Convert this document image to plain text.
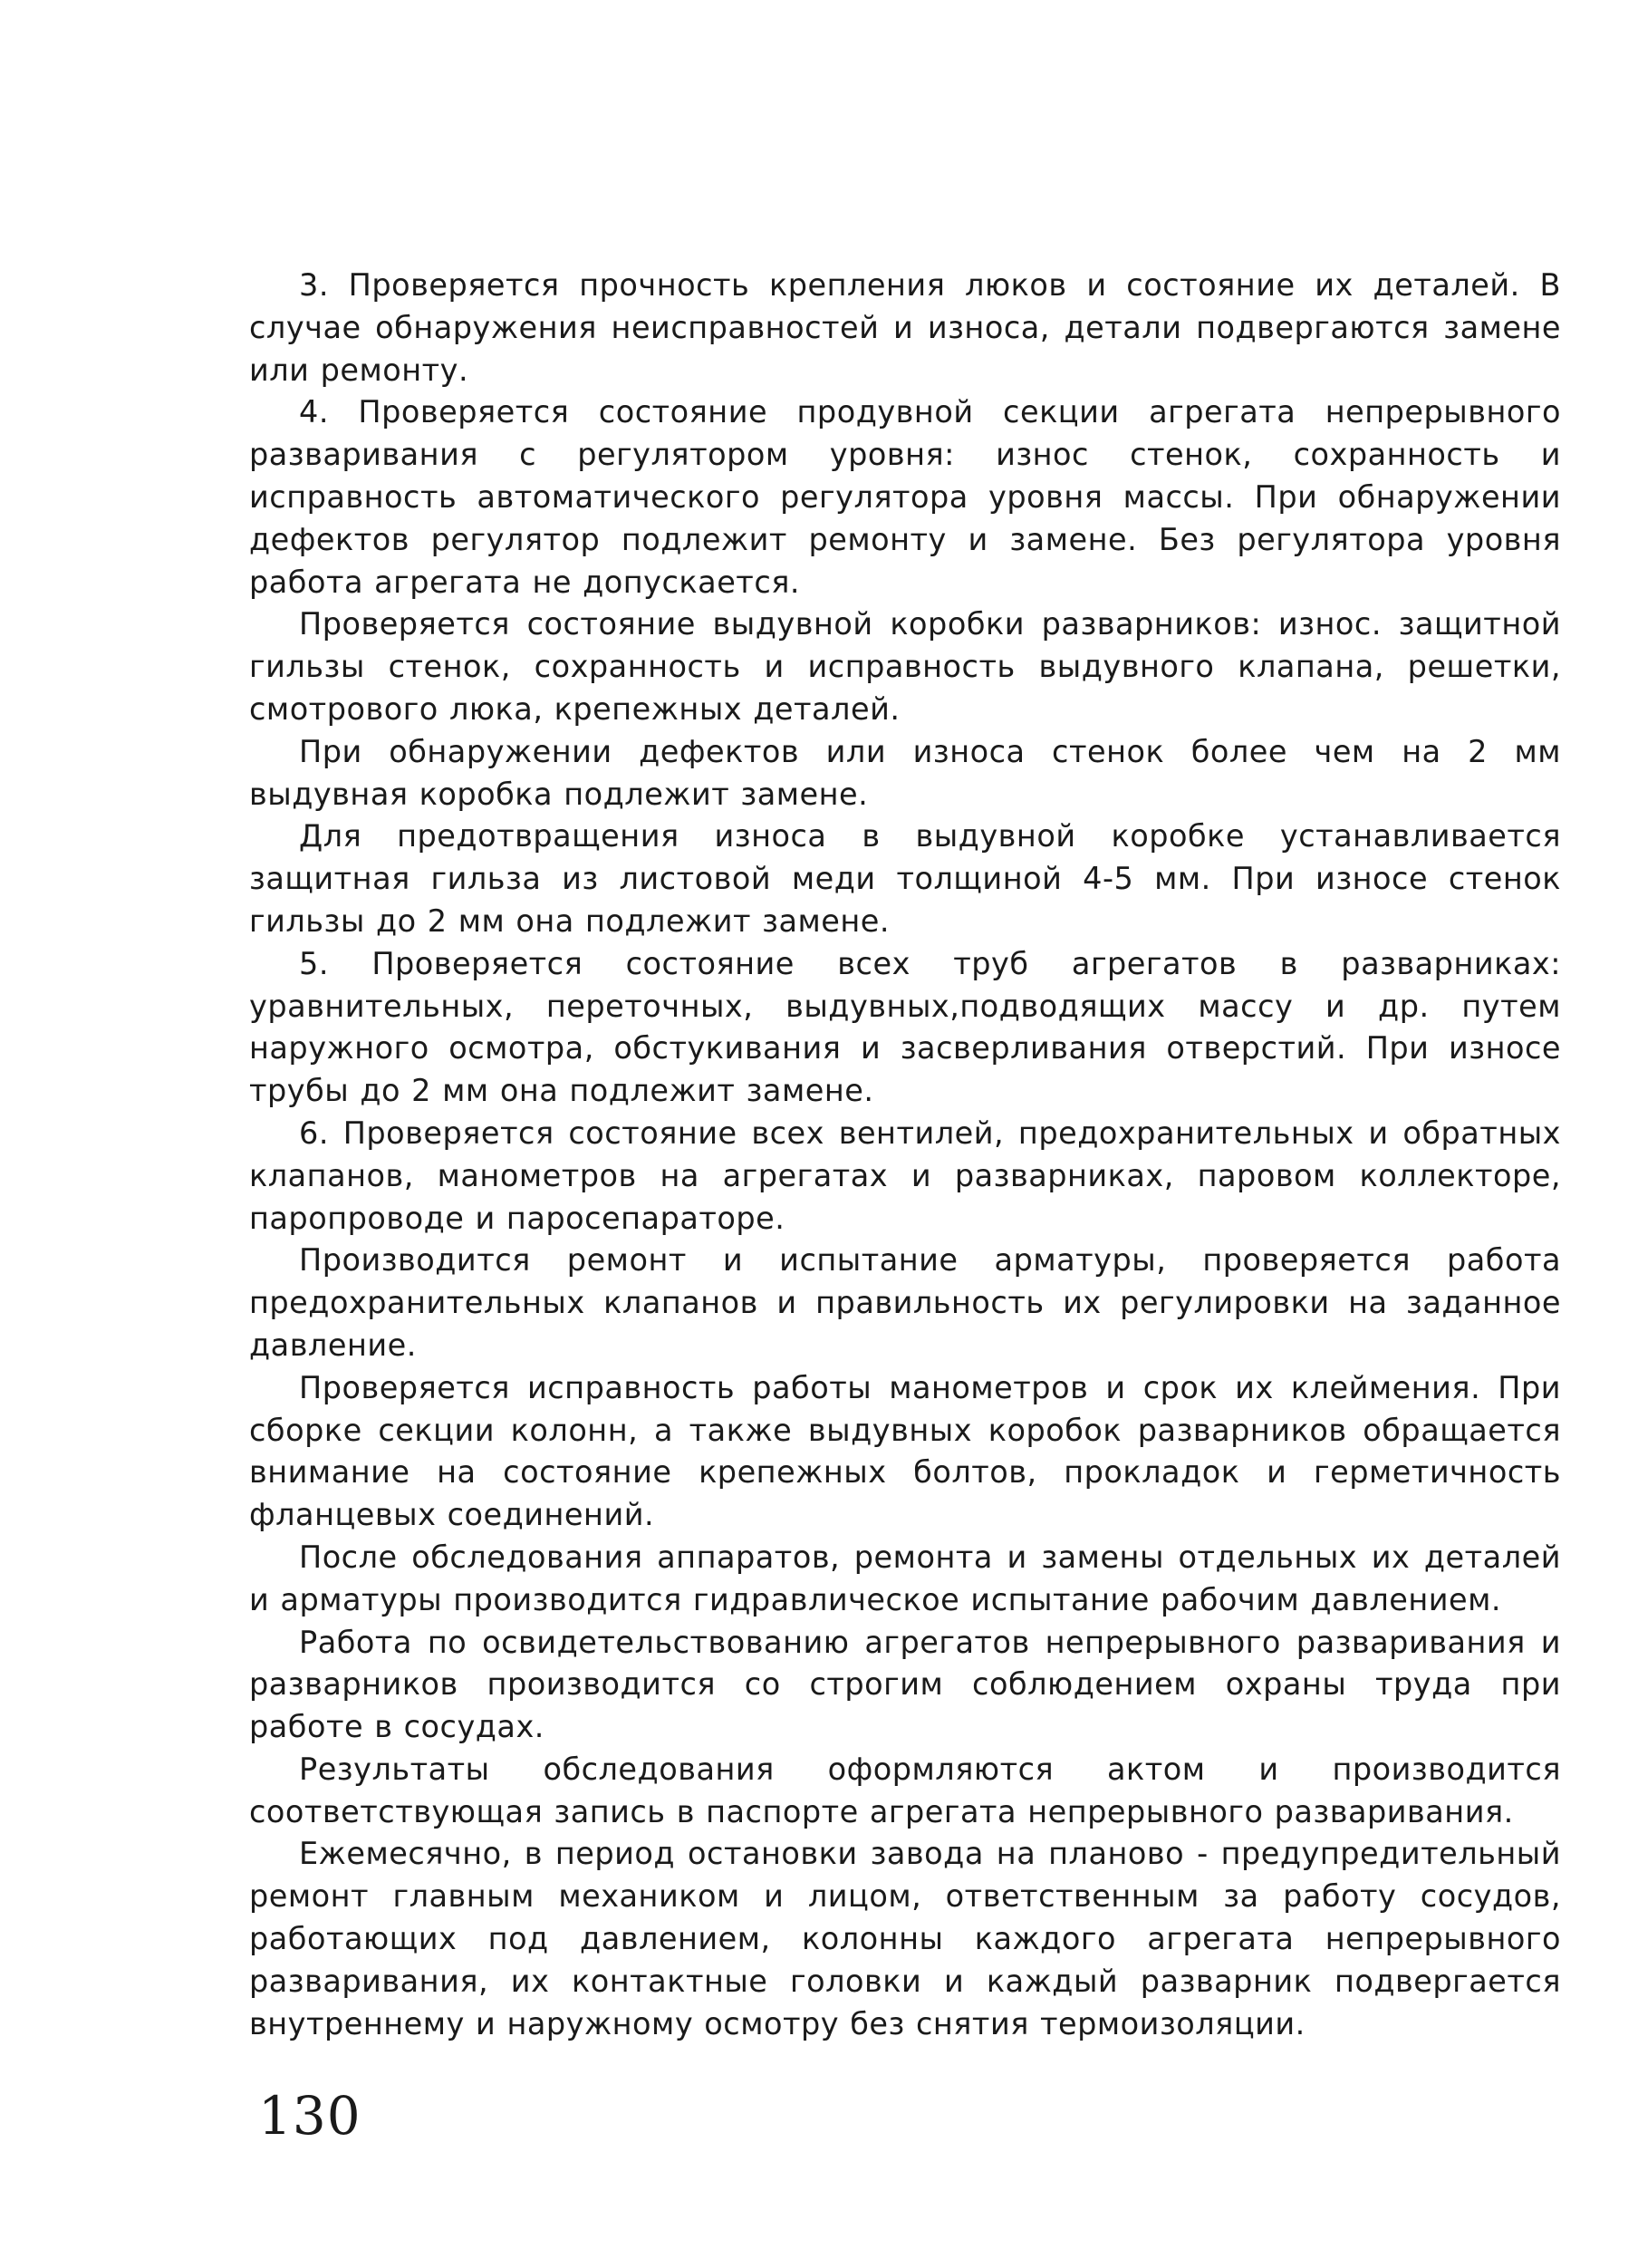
3. Проверяется прочность крепления люков и состояние их деталей. В случае обнаружения неисправностей и износа, детали подвергаются замене или ремонту.

4. Проверяется состояние продувной секции агрегата непрерывного разваривания с регулятором уровня: износ стенок, сохранность и исправность автоматического регулятора уровня массы. При обнаружении дефектов регулятор подлежит ремонту и замене. Без регулятора уровня работа агрегата не допускается.

Проверяется состояние выдувной коробки разварников: износ. защитной гильзы стенок, сохранность и исправность выдувного клапана, решетки, смотрового люка, крепежных деталей.

При обнаружении дефектов или износа стенок более чем на 2 мм выдувная коробка подлежит замене.

Для предотвращения износа в выдувной коробке устанавливается защитная гильза из листовой меди толщиной 4-5 мм. При износе стенок гильзы до 2 мм она подлежит замене.

5. Проверяется состояние всех труб агрегатов в разварниках: уравнительных, переточных, выдувных,подводящих массу и др. путем наружного осмотра, обстукивания и засверливания отверстий. При износе трубы до 2 мм она подлежит замене.

6. Проверяется состояние всех вентилей, предохранительных и обратных клапанов, манометров на агрегатах и разварниках, паровом коллекторе, паропроводе и паросепараторе.

Производится ремонт и испытание арматуры, проверяется работа предохранительных клапанов и правильность их регулировки на заданное давление.

Проверяется исправность работы манометров и срок их клеймения. При сборке секции колонн, а также выдувных коробок разварников обращается внимание на состояние крепежных болтов, прокладок и герметичность фланцевых соединений.

После обследования аппаратов, ремонта и замены отдельных их деталей и арматуры производится гидравлическое испытание рабочим давлением.

Работа по освидетельствованию агрегатов непрерывного разваривания и разварников производится со строгим соблюдением охраны труда при работе в сосудах.

Результаты обследования оформляются актом и производится соответствующая запись в паспорте агрегата непрерывного разваривания.

Ежемесячно, в период остановки завода на планово - предупредительный ремонт главным механиком и лицом, ответственным за работу сосудов, работающих под давлением, колонны каждого агрегата непрерывного разваривания, их контактные головки и каждый разварник подвергается внутреннему и наружному осмотру без снятия термоизоляции.

130
